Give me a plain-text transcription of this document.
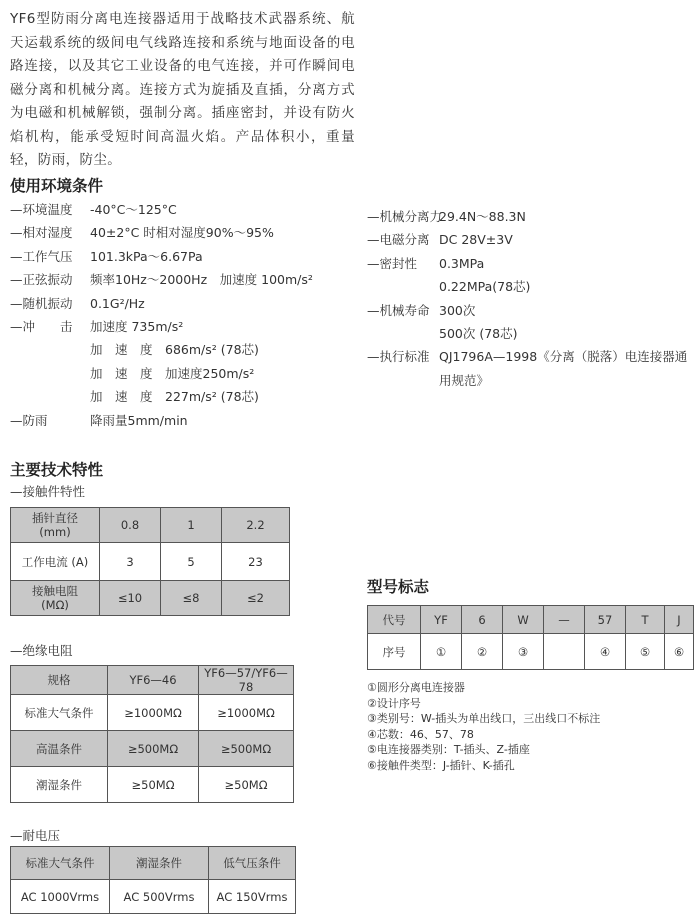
YF6型防雨分离电连接器适用于战略技术武器系统、航天运载系统的级间电气线路连接和系统与地面设备的电路连接，以及其它工业设备的电气连接，并可作瞬间电磁分离和机械分离。连接方式为旋插及直插，分离方式为电磁和机械解锁，强制分离。插座密封，并设有防火焰机构，能承受短时间高温火焰。产品体积小，重量轻，防雨，防尘。
使用环境条件
—环境温度 -40°C～125°C
—相对湿度 40±2°C 时相对湿度90%～95%
—工作气压 101.3kPa～6.67Pa
—正弦振动 频率10Hz～2000Hz　加速度 100m/s²
—随机振动 0.1G²/Hz
—冲　　击 加速度 735m/s²
加　速　度　686m/s² (78芯)
加　速　度　加速度250m/s²
加　速　度　227m/s² (78芯)
—防雨	降雨量5mm/min
—机械分离力29.4N～88.3N
—电磁分离 DC 28V±3V
—密封性 0.3MPa
0.22MPa(78芯)
—机械寿命 300次
500次 (78芯)
—执行标准 QJ1796A—1998《分离（脱落）电连接器通
用规范》
主要技术特性
—接触件特性
插针直径
(mm)	0.8	1	2.2
工作电流 (A)	3	5	23
接触电阻
(MΩ)	≤10	≤8	≤2
—绝缘电阻
规格	YF6—46	YF6—57/YF6—78
标准大气条件	≥1000MΩ	≥1000MΩ
高温条件	≥500MΩ	≥500MΩ
潮湿条件	≥50MΩ	≥50MΩ
—耐电压
标准大气条件	潮湿条件	低气压条件
AC 1000Vrms	AC 500Vrms	AC 150Vrms
型号标志
代号	YF	6	W	—	57	T	J
序号	①	②	③		④	⑤	⑥
①圆形分离电连接器
②设计序号
③类别号：W-插头为单出线口，三出线口不标注
④芯数：46、57、78
⑤电连接器类别：T-插头、Z-插座
⑥接触件类型：J-插针、K-插孔
